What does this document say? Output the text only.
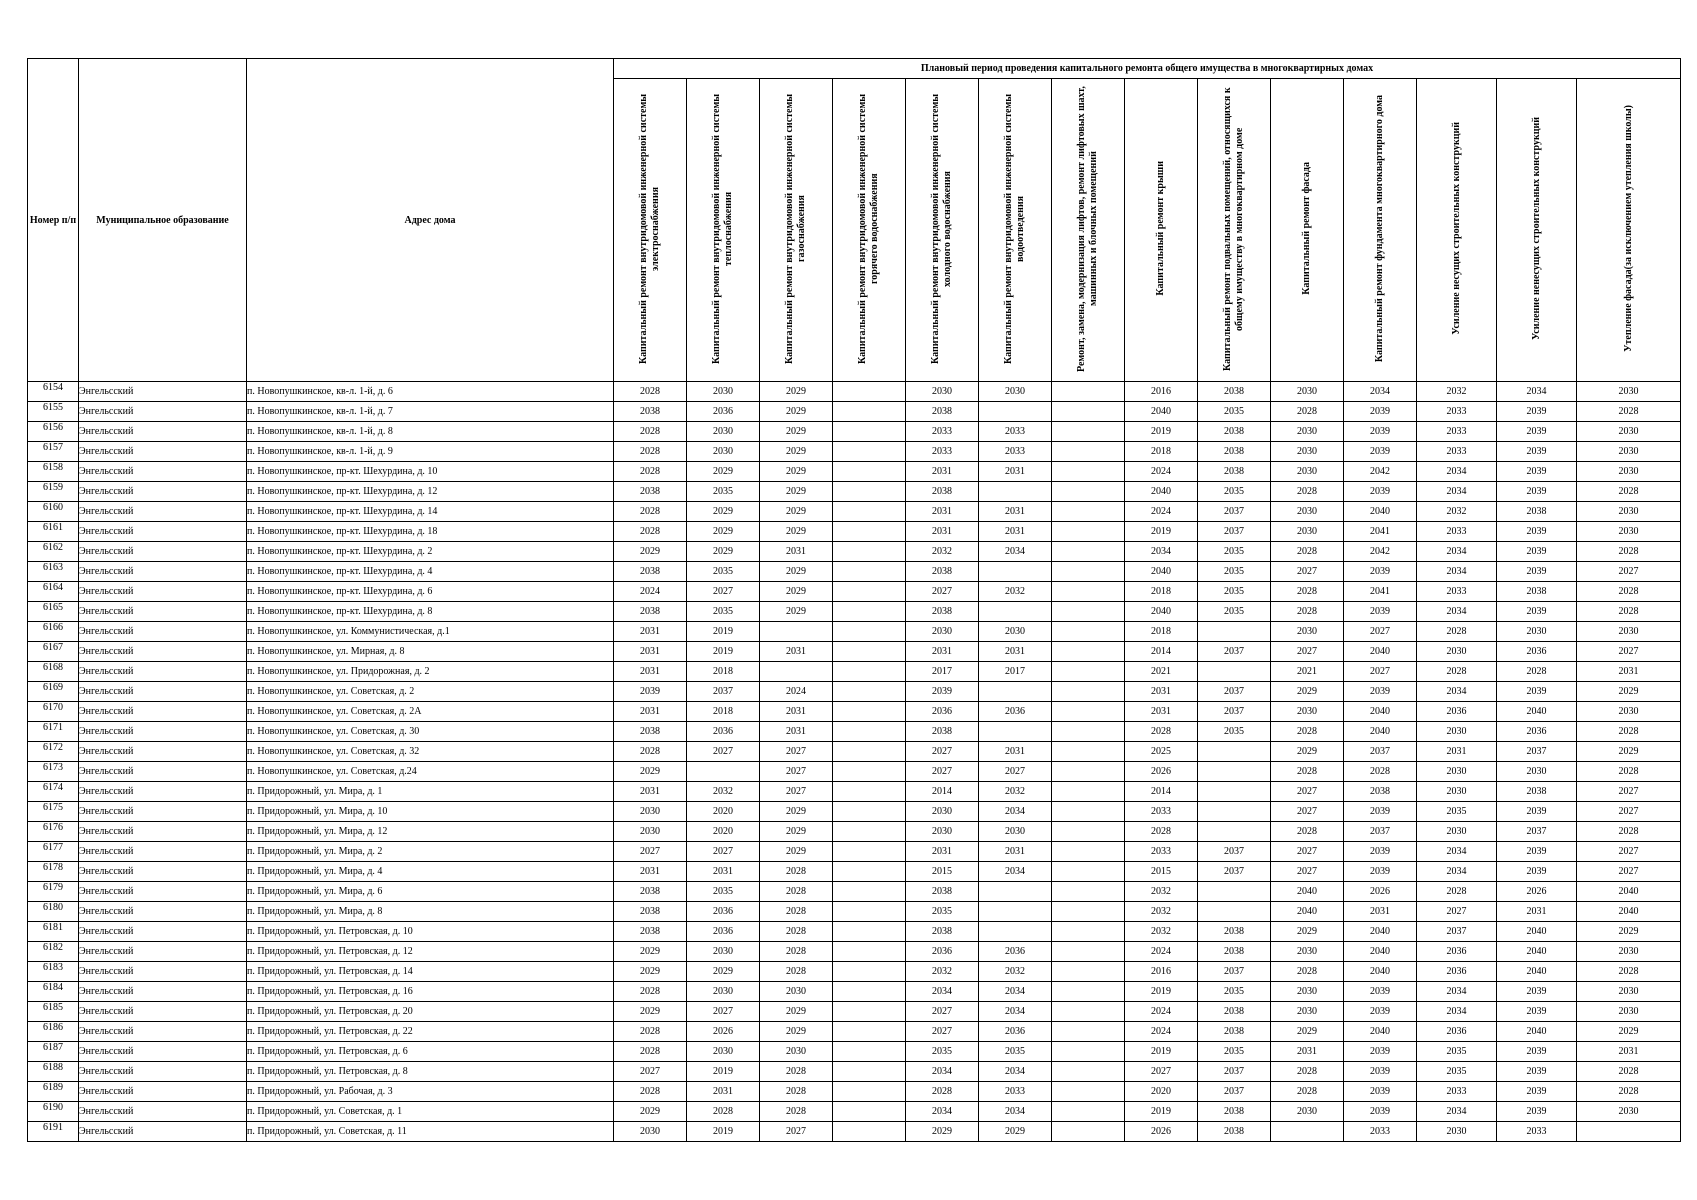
Номер п/п	Муниципальное образование	Адрес дома	Плановый период проведения капитального ремонта общего имущества в многоквартирных домах													
			Капитальный ремонт внутридомовой инженерной системы электроснабжения	Капитальный ремонт внутридомовой инженерной системы теплоснабжения	Капитальный ремонт внутридомовой инженерной системы газоснабжения	Капитальный ремонт внутридомовой инженерной системы горячего водоснабжения	Капитальный ремонт внутридомовой инженерной системы холодного водоснабжения	Капитальный ремонт внутридомовой инженерной системы водоотведения	Ремонт, замена, модернизация лифтов, ремонт лифтовых шахт, машинных и блочных помещений	Капитальный ремонт крыши	Капитальный ремонт подвальных помещений, относящихся к общему имуществу в многоквартирном доме	Капитальный ремонт фасада	Капитальный ремонт фундамента многоквартирного дома	Усиление несущих строительных конструкций	Усиление ненесущих строительных конструкций	Утепление фасада(за исключением утепления школы)
6154	Энгельсский	п. Новопушкинское, кв-л. 1-й, д. 6	2028	2030	2029		2030	2030		2016	2038	2030	2034	2032	2034	2030
6155	Энгельсский	п. Новопушкинское, кв-л. 1-й, д. 7	2038	2036	2029		2038			2040	2035	2028	2039	2033	2039	2028
6156	Энгельсский	п. Новопушкинское, кв-л. 1-й, д. 8	2028	2030	2029		2033	2033		2019	2038	2030	2039	2033	2039	2030
6157	Энгельсский	п. Новопушкинское, кв-л. 1-й, д. 9	2028	2030	2029		2033	2033		2018	2038	2030	2039	2033	2039	2030
6158	Энгельсский	п. Новопушкинское, пр-кт. Шехурдина, д. 10	2028	2029	2029		2031	2031		2024	2038	2030	2042	2034	2039	2030
6159	Энгельсский	п. Новопушкинское, пр-кт. Шехурдина, д. 12	2038	2035	2029		2038			2040	2035	2028	2039	2034	2039	2028
6160	Энгельсский	п. Новопушкинское, пр-кт. Шехурдина, д. 14	2028	2029	2029		2031	2031		2024	2037	2030	2040	2032	2038	2030
6161	Энгельсский	п. Новопушкинское, пр-кт. Шехурдина, д. 18	2028	2029	2029		2031	2031		2019	2037	2030	2041	2033	2039	2030
6162	Энгельсский	п. Новопушкинское, пр-кт. Шехурдина, д. 2	2029	2029	2031		2032	2034		2034	2035	2028	2042	2034	2039	2028
6163	Энгельсский	п. Новопушкинское, пр-кт. Шехурдина, д. 4	2038	2035	2029		2038			2040	2035	2027	2039	2034	2039	2027
6164	Энгельсский	п. Новопушкинское, пр-кт. Шехурдина, д. 6	2024	2027	2029		2027	2032		2018	2035	2028	2041	2033	2038	2028
6165	Энгельсский	п. Новопушкинское, пр-кт. Шехурдина, д. 8	2038	2035	2029		2038			2040	2035	2028	2039	2034	2039	2028
6166	Энгельсский	п. Новопушкинское, ул. Коммунистическая, д.1	2031	2019			2030	2030		2018		2030	2027	2028	2030	2030
6167	Энгельсский	п. Новопушкинское, ул. Мирная, д. 8	2031	2019	2031		2031	2031		2014	2037	2027	2040	2030	2036	2027
6168	Энгельсский	п. Новопушкинское, ул. Придорожная, д. 2	2031	2018			2017	2017		2021		2021	2027	2028	2028	2031
6169	Энгельсский	п. Новопушкинское, ул. Советская, д. 2	2039	2037	2024		2039			2031	2037	2029	2039	2034	2039	2029
6170	Энгельсский	п. Новопушкинское, ул. Советская, д. 2А	2031	2018	2031		2036	2036		2031	2037	2030	2040	2036	2040	2030
6171	Энгельсский	п. Новопушкинское, ул. Советская, д. 30	2038	2036	2031		2038			2028	2035	2028	2040	2030	2036	2028
6172	Энгельсский	п. Новопушкинское, ул. Советская, д. 32	2028	2027	2027		2027	2031		2025		2029	2037	2031	2037	2029
6173	Энгельсский	п. Новопушкинское, ул. Советская, д.24	2029		2027		2027	2027		2026		2028	2028	2030	2030	2028
6174	Энгельсский	п. Придорожный, ул. Мира, д. 1	2031	2032	2027		2014	2032		2014		2027	2038	2030	2038	2027
6175	Энгельсский	п. Придорожный, ул. Мира, д. 10	2030	2020	2029		2030	2034		2033		2027	2039	2035	2039	2027
6176	Энгельсский	п. Придорожный, ул. Мира, д. 12	2030	2020	2029		2030	2030		2028		2028	2037	2030	2037	2028
6177	Энгельсский	п. Придорожный, ул. Мира, д. 2	2027	2027	2029		2031	2031		2033	2037	2027	2039	2034	2039	2027
6178	Энгельсский	п. Придорожный, ул. Мира, д. 4	2031	2031	2028		2015	2034		2015	2037	2027	2039	2034	2039	2027
6179	Энгельсский	п. Придорожный, ул. Мира, д. 6	2038	2035	2028		2038			2032		2040	2026	2028	2026	2040
6180	Энгельсский	п. Придорожный, ул. Мира, д. 8	2038	2036	2028		2035			2032		2040	2031	2027	2031	2040
6181	Энгельсский	п. Придорожный, ул. Петровская, д. 10	2038	2036	2028		2038			2032	2038	2029	2040	2037	2040	2029
6182	Энгельсский	п. Придорожный, ул. Петровская, д. 12	2029	2030	2028		2036	2036		2024	2038	2030	2040	2036	2040	2030
6183	Энгельсский	п. Придорожный, ул. Петровская, д. 14	2029	2029	2028		2032	2032		2016	2037	2028	2040	2036	2040	2028
6184	Энгельсский	п. Придорожный, ул. Петровская, д. 16	2028	2030	2030		2034	2034		2019	2035	2030	2039	2034	2039	2030
6185	Энгельсский	п. Придорожный, ул. Петровская, д. 20	2029	2027	2029		2027	2034		2024	2038	2030	2039	2034	2039	2030
6186	Энгельсский	п. Придорожный, ул. Петровская, д. 22	2028	2026	2029		2027	2036		2024	2038	2029	2040	2036	2040	2029
6187	Энгельсский	п. Придорожный, ул. Петровская, д. 6	2028	2030	2030		2035	2035		2019	2035	2031	2039	2035	2039	2031
6188	Энгельсский	п. Придорожный, ул. Петровская, д. 8	2027	2019	2028		2034	2034		2027	2037	2028	2039	2035	2039	2028
6189	Энгельсский	п. Придорожный, ул. Рабочая, д. 3	2028	2031	2028		2028	2033		2020	2037	2028	2039	2033	2039	2028
6190	Энгельсский	п. Придорожный, ул. Советская, д. 1	2029	2028	2028		2034	2034		2019	2038	2030	2039	2034	2039	2030
6191	Энгельсский	п. Придорожный, ул. Советская, д. 11	2030	2019	2027		2029	2029		2026	2038		2033	2030	2033	
